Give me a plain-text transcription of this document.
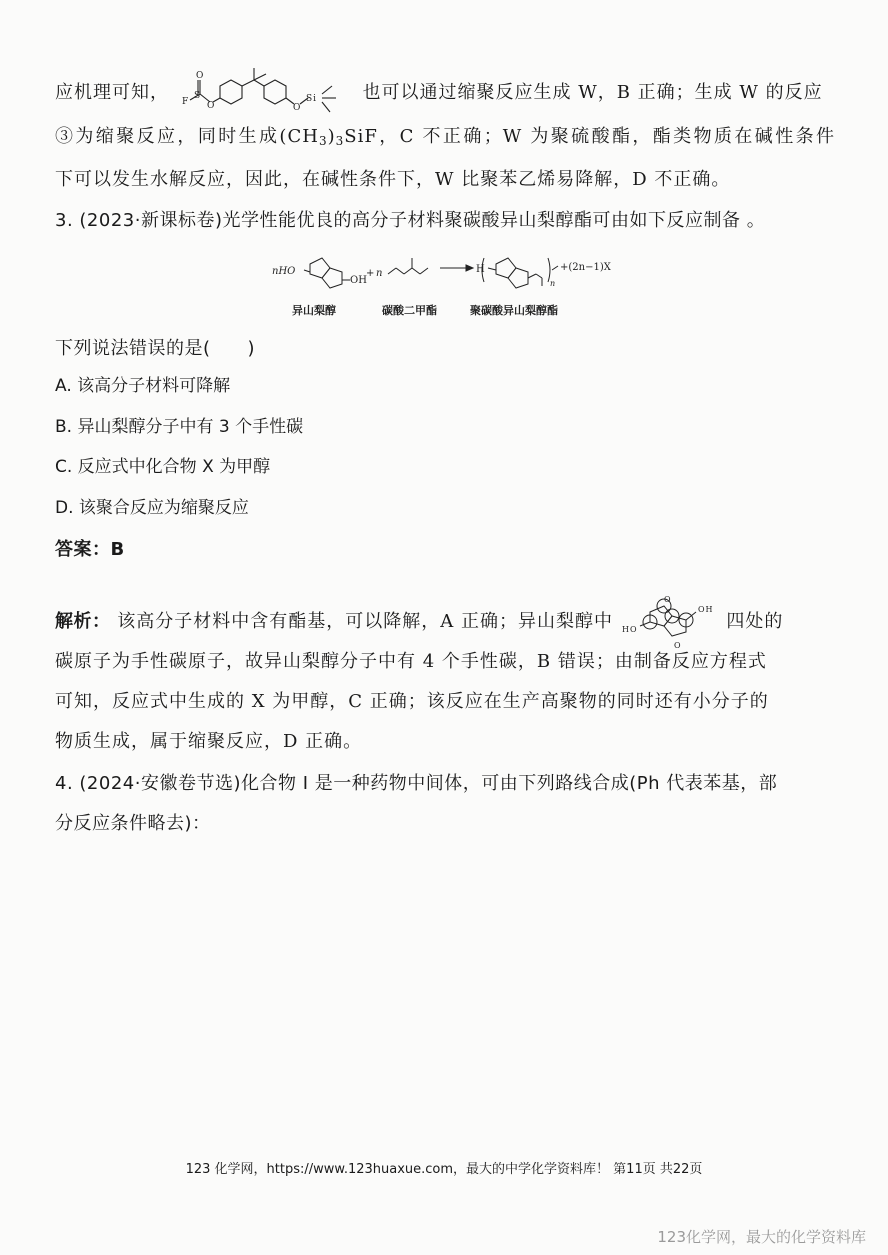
应机理可知， F
S
O
O	O
Si	也可以通过缩聚反应生成 W，B 正确；生成 W 的反应
③为缩聚反应，同时生成$(CH_3)_3SiF$，C 不正确；W 为聚硫酸酯，酯类物质在碱性条件
下可以发生水解反应，因此，在碱性条件下，W 比聚苯乙烯易降解，D 不正确。
3. (2023·新课标卷)光学性能优良的高分子材料聚碳酸异山梨醇酯可由如下反应制备 。
nHO
OH
+ n	H
n
+(2n−1)X
异山梨醇	碳酸二甲酯	聚碳酸异山梨醇酯
下列说法错误的是(　　)
A. 该高分子材料可降解
B. 异山梨醇分子中有 3 个手性碳
C. 反应式中化合物 X 为甲醇
D. 该聚合反应为缩聚反应
答案：B
解析： 该高分子材料中含有酯基，可以降解，A 正确；异山梨醇中
O
O
HO
OH
四处的
碳原子为手性碳原子，故异山梨醇分子中有 4 个手性碳，B 错误；由制备反应方程式
可知，反应式中生成的 X 为甲醇，C 正确；该反应在生产高聚物的同时还有小分子的
物质生成，属于缩聚反应，D 正确。
4. (2024·安徽卷节选)化合物 I 是一种药物中间体，可由下列路线合成(Ph 代表苯基，部
分反应条件略去)：
123 化学网，https://www.123huaxue.com，最大的中学化学资料库！ 第11页 共22页
123化学网，最大的化学资料库
